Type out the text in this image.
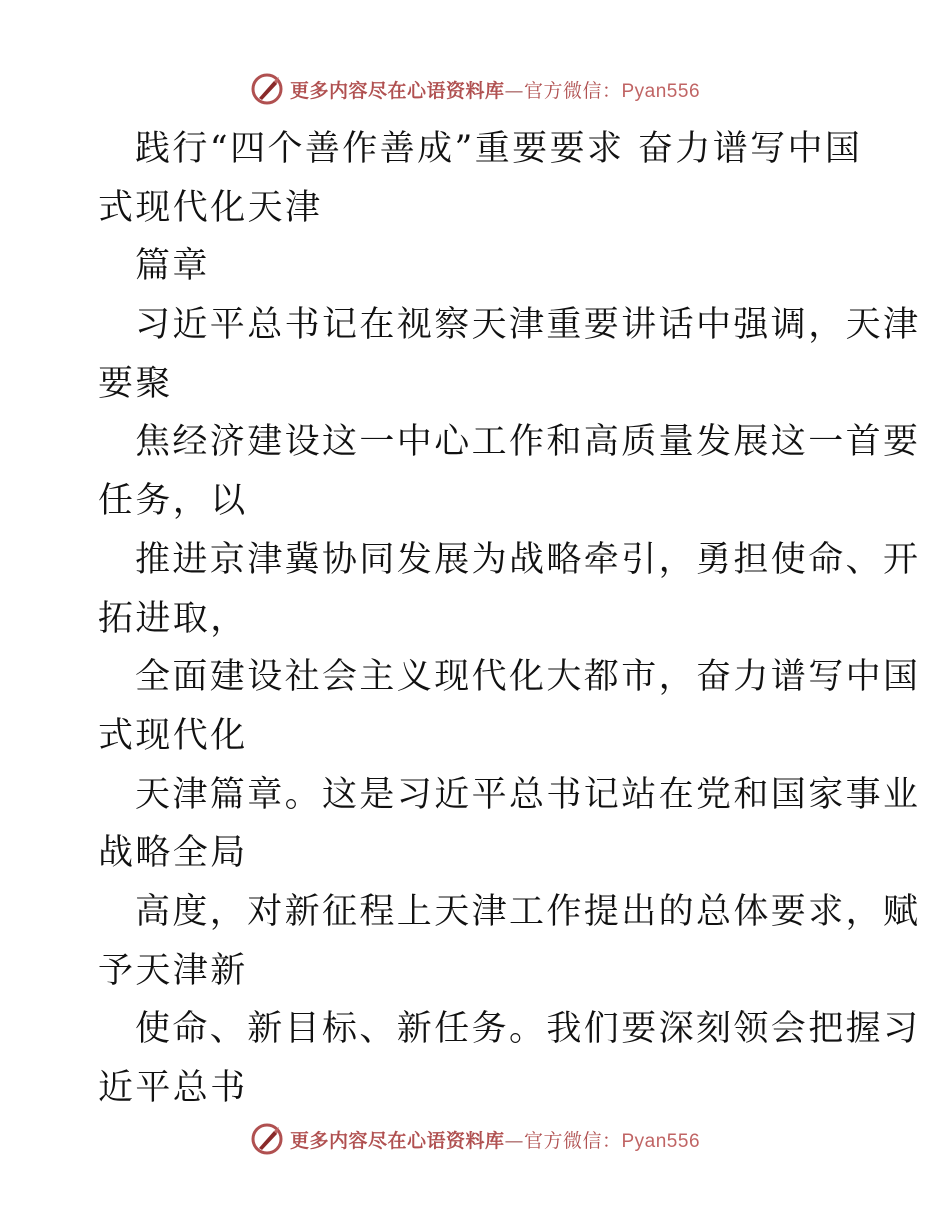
更多内容尽在心语资料库—官方微信：Pyan556
践行“四个善作善成”重要要求 奋力谱写中国
式现代化天津
篇章
习近平总书记在视察天津重要讲话中强调，天津
要聚
焦经济建设这一中心工作和高质量发展这一首要
任务，以
推进京津冀协同发展为战略牵引，勇担使命、开
拓进取，
全面建设社会主义现代化大都市，奋力谱写中国
式现代化
天津篇章。这是习近平总书记站在党和国家事业
战略全局
高度，对新征程上天津工作提出的总体要求，赋
予天津新
使命、新目标、新任务。我们要深刻领会把握习
近平总书
更多内容尽在心语资料库—官方微信：Pyan556
